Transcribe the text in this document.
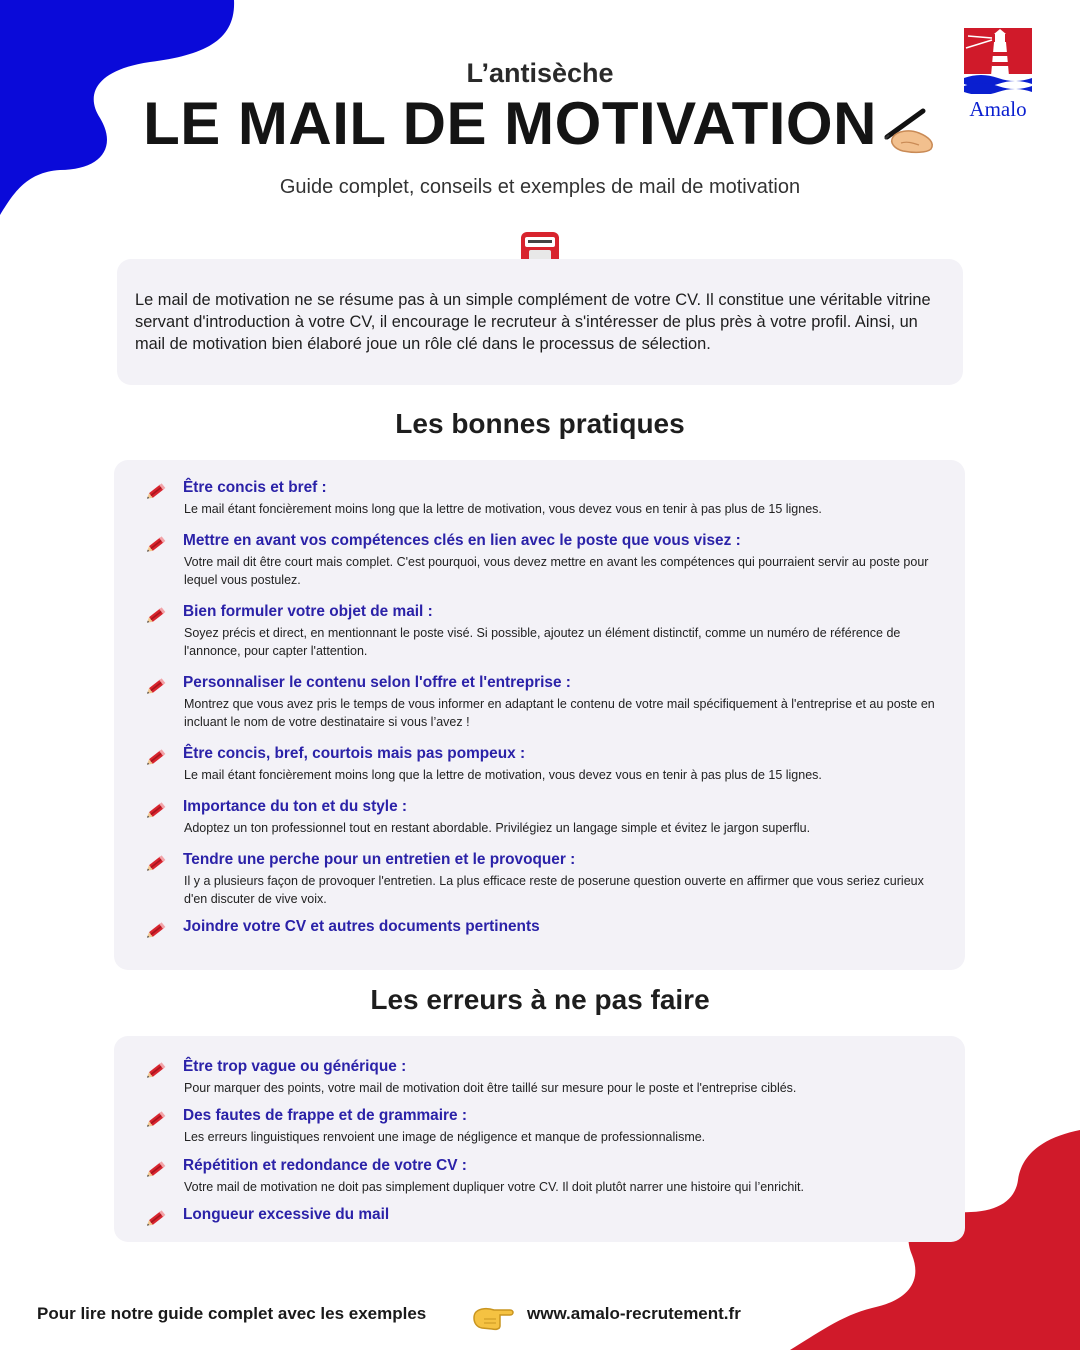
L’antisèche
LE MAIL DE MOTIVATION
Guide complet, conseils et exemples de mail de motivation
Amalo
Le mail de motivation ne se résume pas à un simple complément de votre CV. Il constitue une véritable vitrine servant d'introduction à votre CV, il encourage le recruteur à s'intéresser de plus près à votre profil. Ainsi, un mail de motivation bien élaboré joue un rôle clé dans le processus de sélection.
Les bonnes pratiques
Être concis et bref :
Le mail étant foncièrement moins long que la lettre de motivation, vous devez vous en tenir à pas plus de 15 lignes.
Mettre en avant vos compétences clés en lien avec le poste que vous visez :
Votre mail dit être court mais complet. C'est pourquoi, vous devez mettre en avant les compétences qui pourraient servir au poste pour lequel vous postulez.
Bien formuler votre objet de mail :
Soyez précis et direct, en mentionnant le poste visé. Si possible, ajoutez un élément distinctif, comme un numéro de référence de l'annonce, pour capter l'attention.
Personnaliser le contenu selon l'offre et l'entreprise :
Montrez que vous avez pris le temps de vous informer en adaptant le contenu de votre mail spécifiquement à l'entreprise et au poste en incluant le nom de votre destinataire si vous l’avez !
Être concis, bref, courtois mais pas pompeux :
Le mail étant foncièrement moins long que la lettre de motivation, vous devez vous en tenir à pas plus de 15 lignes.
Importance du ton et du style :
Adoptez un ton professionnel tout en restant abordable. Privilégiez un langage simple et évitez le jargon superflu.
Tendre une perche pour un entretien et le provoquer :
Il y a plusieurs façon de provoquer l'entretien. La plus efficace reste de poserune question ouverte en affirmer que vous seriez curieux d'en discuter de vive voix.
Joindre votre CV et autres documents pertinents
Les erreurs à ne pas faire
Être trop vague ou générique :
Pour marquer des points, votre mail de motivation doit être taillé sur mesure pour le poste et l'entreprise ciblés.
Des fautes de frappe et de grammaire :
Les erreurs linguistiques renvoient une image de négligence et manque de professionnalisme.
Répétition et redondance de votre CV :
Votre mail de motivation ne doit pas simplement dupliquer votre CV. Il doit plutôt narrer une histoire qui l’enrichit.
Longueur excessive du mail
Pour lire notre guide complet avec les exemples	www.amalo-recrutement.fr
